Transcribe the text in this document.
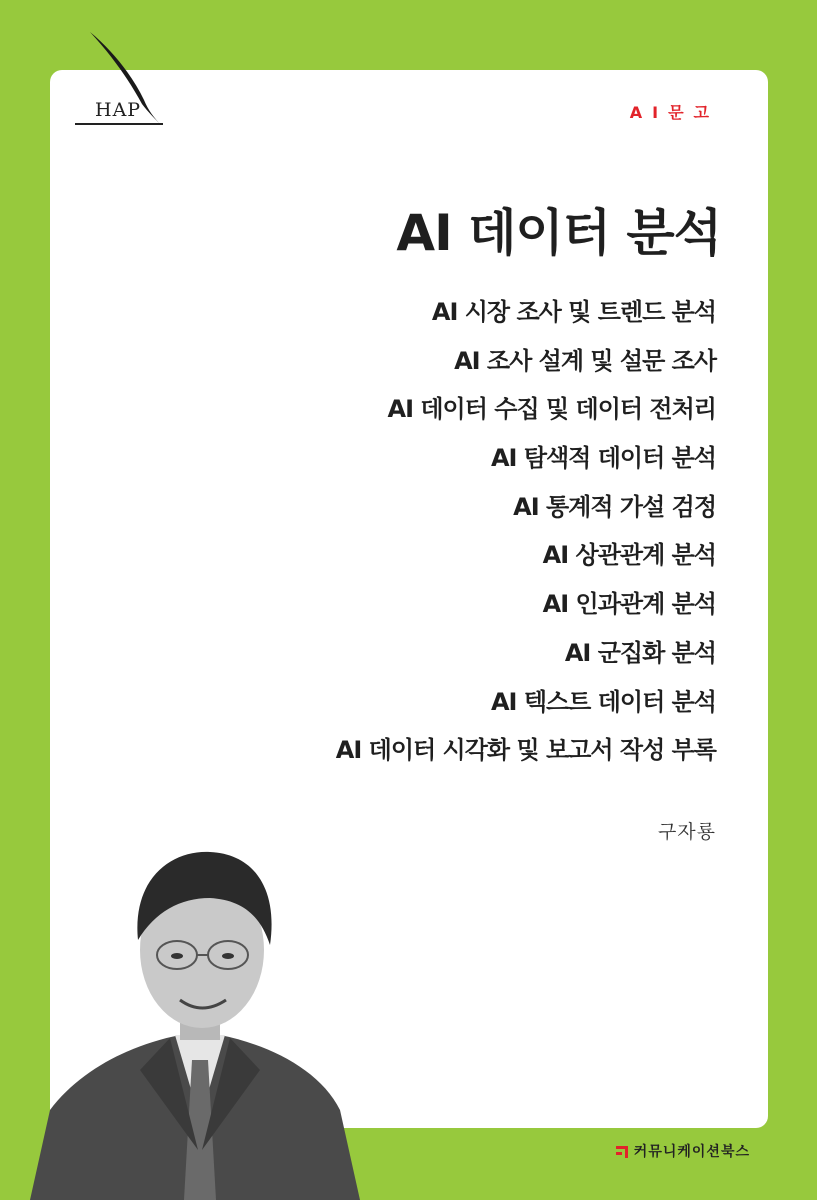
HAP	AI문고
AI 데이터 분석
AI 시장 조사 및 트렌드 분석
AI 조사 설계 및 설문 조사
AI 데이터 수집 및 데이터 전처리
AI 탐색적 데이터 분석
AI 통계적 가설 검정
AI 상관관계 분석
AI 인과관계 분석
AI 군집화 분석
AI 텍스트 데이터 분석
AI 데이터 시각화 및 보고서 작성 부록
구자룡
커뮤니케이션북스
